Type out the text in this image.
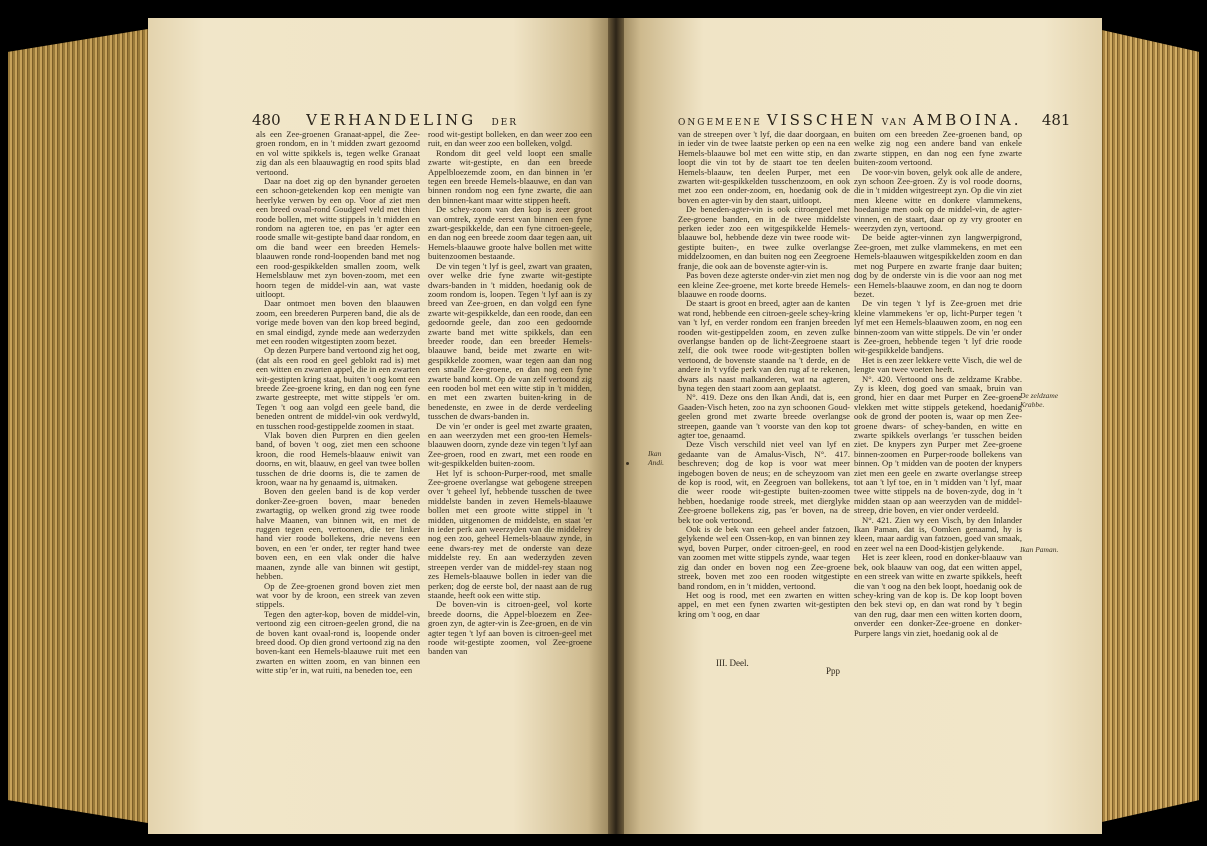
480 VERHANDELING DER

als een Zee-groenen Granaat-appel, die Zee-groen rondom, en in 't midden zwart gezoomd en vol witte spikkels is, tegen welke Granaat zig dan als een blaauwagtig en rood spits blad vertoond.

Daar na doet zig op den bynander geroeten een schoon-getekenden kop een menigte van heerlyke verwen by een op. Voor af ziet men een breed ovaal-rond Goudgeel veld met thien roode bollen, met witte stippels in 't midden en rondom na agteren toe, en pas 'er agter een roode smalle wit-gestipte band daar rondom, en om die band weer een breeden Hemels-blaauwen ronde rond-loopenden band met nog een rood-gespikkelden smallen zoom, welk Hemelsblauw met zyn boven-zoom, met een hoorn tegen de middel-vin aan, wat vaste uitloopt.

Daar ontmoet men boven den blaauwen zoom, een breederen Purperen band, die als de vorige mede boven van den kop breed begind, en smal eindigd, zynde mede aan wederzyden met een rooden witgestipten zoom bezet.

Op dezen Purpere band vertoond zig het oog, (dat als een rood en geel geblokt rad is) met een witten en zwarten appel, die in een zwarten wit-gestipten kring staat, buiten 't oog komt een breede Zee-groene kring, en dan nog een fyne zwarte gestreepte, met witte stippels 'er om. Tegen 't oog aan volgd een geele band, die beneden ontrent de middel-vin ook verdwyld, en tusschen rood-gestippelde zoomen in staat.

Vlak boven dien Purpren en dien geelen band, of boven 't oog, ziet men een schoone kroon, die rood Hemels-blaauw eniwit van doorns, en wit, blaauw, en geel van twee bollen tusschen de drie doorns is, die te zamen de kroon, waar na hy genaamd is, uitmaken.

Boven den geelen band is de kop verder donker-Zee-groen boven, maar beneden zwartagtig, op welken grond zig twee roode halve Maanen, van binnen wit, en met de ruggen tegen een, vertoonen, die ter linker hand vier roode bollekens, drie nevens een boven, en een 'er onder, ter regter hand twee boven een, en een vlak onder die halve maanen, zynde alle van binnen wit gestipt, hebben.

Op de Zee-groenen grond boven ziet men wat voor by de kroon, een streek van zeven stippels.

Tegen den agter-kop, boven de middel-vin, vertoond zig een citroen-geelen grond, die na de boven kant ovaal-rond is, loopende onder breed dood. Op dien grond vertoond zig na den boven-kant een Hemels-blaauwe ruit met een zwarten en witten zoom, en van binnen een witte stip 'er in, wat ruiti, na beneden toe, een

rood wit-gestipt bolleken, en dan weer zoo een ruit, en dan weer zoo een bolleken, volgd.

Rondom dit geel veld loopt een smalle zwarte wit-gestipte, en dan een breede Appelbloezemde zoom, en dan binnen in 'er tegen een breede Hemels-blaauwe, en dan van binnen rondom nog een fyne zwarte, die aan den binnen-kant maar witte stippen heeft.

De schey-zoom van den kop is zeer groot van omtrek, zynde eerst van binnen een fyne zwart-gespikkelde, dan een fyne citroen-geele, en dan nog een breede zoom daar tegen aan, uit Hemels-blaauwe groote halve bollen met witte buitenzoomen bestaande.

De vin tegen 't lyf is geel, zwart van graaten, over welke drie fyne zwarte wit-gestipte dwars-banden in 't midden, hoedanig ook de zoom rondom is, loopen. Tegen 't lyf aan is zy breed van Zee-groen, en dan volgd een fyne zwarte wit-gespikkelde, dan een roode, dan een gedoornde geele, dan zoo een gedoornde zwarte band met witte spikkels, dan een breeder roode, dan een breeder Hemels-blaauwe band, beide met zwarte en wit-gespikkelde zoomen, waar tegen aan dan nog een smalle Zee-groene, en dan nog een fyne zwarte band komt. Op de van zelf vertoond zig een rooden bol met een witte stip in 't midden, en met een zwarten buiten-kring in de benedenste, en zwee in de derde verdeeling tusschen de dwars-banden in.

De vin 'er onder is geel met zwarte graaten, en aan weerzyden met een groo-ten Hemels-blaauwen doorn, zynde deze vin tegen 't lyf aan Zee-groen, rood en zwart, met een roode en wit-gespikkelden buiten-zoom.

Het lyf is schoon-Purper-rood, met smalle Zee-groene overlangse wat gebogene streepen over 't geheel lyf, hebbende tusschen de twee middelste banden in zeven Hemels-blaauwe bollen met een groote witte stippel in 't midden, uitgenomen de middelste, en staat 'er in ieder perk aan weerzyden van die middelrey nog een zoo, geheel Hemels-blaauw zynde, in eene dwars-rey met de onderste van deze middelste rey. En aan wederzyden zeven streepen verder van de middel-rey staan nog zes Hemels-blaauwe bollen in ieder van die perken; dog de eerste bol, der naast aan de rug staande, heeft ook een witte stip.

De boven-vin is citroen-geel, vol korte breede doorns, die Appel-bloezem en Zee-groen zyn, de agter-vin is Zee-groen, en de vin agter tegen 't lyf aan boven is citroen-geel met roode wit-gestipte zoomen, vol Zee-groene banden van

ONGEMEENE VISSCHEN VAN AMBOINA. 481

van de streepen over 't lyf, die daar doorgaan, en in ieder vin de twee laatste perken op een na een Hemels-blaauwe bol met een witte stip, en dan loopt die vin tot by de staart toe ten deelen Hemels-blaauw, ten deelen Purper, met een zwarten wit-gespikkelden tusschenzoom, en ook met zoo een onder-zoom, en, hoedanig ook de boven en agter-vin by den staart, uitloopt.

De beneden-agter-vin is ook citroengeel met Zee-groene banden, en in de twee middelste perken ieder zoo een witgespikkelde Hemels-blaauwe bol, hebbende deze vin twee roode wit-gestipte buiten-, en twee zulke overlangse middelzoomen, en dan buiten nog een Zeegroene franje, die ook aan de bovenste agter-vin is.

Pas boven deze agterste onder-vin ziet men nog een kleine Zee-groene, met korte breede Hemels-blaauwe en roode doorns.

De staart is groot en breed, agter aan de kanten wat rond, hebbende een citroen-geele schey-kring van 't lyf, en verder rondom een franjen breeden rooden wit-gestippelden zoom, en zeven zulke overlangse banden op de licht-Zeegroene staart zelf, die ook twee roode wit-gestipten bollen vertoond, de bovenste staande na 't derde, en de andere in 't vyfde perk van den rug af te rekenen, dwars als naast malkanderen, wat na agteren, byna tegen den staart zoom aan geplaatst.

N°. 419. Deze ons den Ikan Andi, dat is, een Gaaden-Visch heten, zoo na zyn schoonen Goud-geelen grond met zwarte breede overlangse streepen, gaande van 't voorste van den kop tot agter toe, genaamd.

Deze Visch verschild niet veel van lyf en gedaante van de Amalus-Visch, N°. 417. beschreven; dog de kop is voor wat meer ingebogen boven de neus; en de scheyzoom van de kop is rood, wit, en Zeegroen van bollekens, die weer roode wit-gestipte buiten-zoomen hebben, hoedanige roode streek, met dierglyke Zee-groene bollekens zig, pas 'er boven, na de bek toe ook vertoond.

Ook is de bek van een geheel ander fatzoen, gelykende wel een Ossen-kop, en van binnen zey wyd, boven Purper, onder citroen-geel, en rood van zoomen met witte stippels zynde, waar tegen zig dan onder en boven nog een Zee-groene streek, boven met zoo een rooden witgestipte band rondom, en in 't midden, vertoond.

Het oog is rood, met een zwarten en witten appel, en met een fynen zwarten wit-gestipten kring om 't oog, en daar

buiten om een breeden Zee-groenen band, op welke zig nog een andere band van enkele zwarte stippen, en dan nog een fyne zwarte buiten-zoom vertoond.

De voor-vin boven, gelyk ook alle de andere, zyn schoon Zee-groen. Zy is vol roode doorns, die in 't midden witgestreept zyn. Op die vin ziet men kleene witte en donkere vlammekens, hoedanige men ook op de middel-vin, de agter-vinnen, en de staart, daar op zy vry grooter en weerzyden zyn, vertoond.

De beide agter-vinnen zyn langwerpigrond, Zee-groen, met zulke vlammekens, en met een Hemels-blaauwen witgespikkelden zoom en dan met nog Purpere en zwarte franje daar buiten; dog by de onderste vin is die voor aan nog met een Hemels-blaauwe zoom, en dan nog te doorn bezet.

De vin tegen 't lyf is Zee-groen met drie kleine vlammekens 'er op, licht-Purper tegen 't lyf met een Hemels-blaauwen zoom, en nog een binnen-zoom van witte stippels. De vin 'er onder is Zee-groen, hebbende tegen 't lyf drie roode wit-gespikkelde bandjens.

Het is een zeer lekkere vette Visch, die wel de lengte van twee voeten heeft.

N°. 420. Vertoond ons de zeldzame Krabbe. Zy is kleen, dog goed van smaak, bruin van grond, hier en daar met Purper en Zee-groene vlekken met witte stippels getekend, hoedanig ook de grond der pooten is, waar op men Zee-groene dwars- of schey-banden, en witte en zwarte spikkels overlangs 'er tusschen beiden ziet. De knypers zyn Purper met Zee-groene binnen-zoomen en Purper-roode bollekens van binnen. Op 't midden van de pooten der knypers ziet men een geele en zwarte overlangse streep tot aan 't lyf toe, en in 't midden van 't lyf, maar twee witte stippels na de boven-zyde, dog in 't midden staan op aan weerzyden van de middel-streep, drie boven, en vier onder verdeeld.

N°. 421. Zien wy een Visch, by den Inlander Ikan Paman, dat is, Oomken genaamd, hy is kleen, maar aardig van fatzoen, goed van smaak, en zeer wel na een Dood-kistjen gelykende.

Het is zeer kleen, rood en donker-blaauw van bek, ook blaauw van oog, dat een witten appel, en een streek van witte en zwarte spikkels, heeft die van 't oog na den bek loopt, hoedanig ook de schey-kring van de kop is. De kop loopt boven den bek stevi op, en dan wat rond by 't begin van den rug, daar men een witten korten doorn, onverder een donker-Zee-groene en donker-Purpere langs vin ziet, hoedanig ook al de

Ikan Andi.
De zeldzame Krabbe.
Ikan Paman.
III. Deel.
Ppp
